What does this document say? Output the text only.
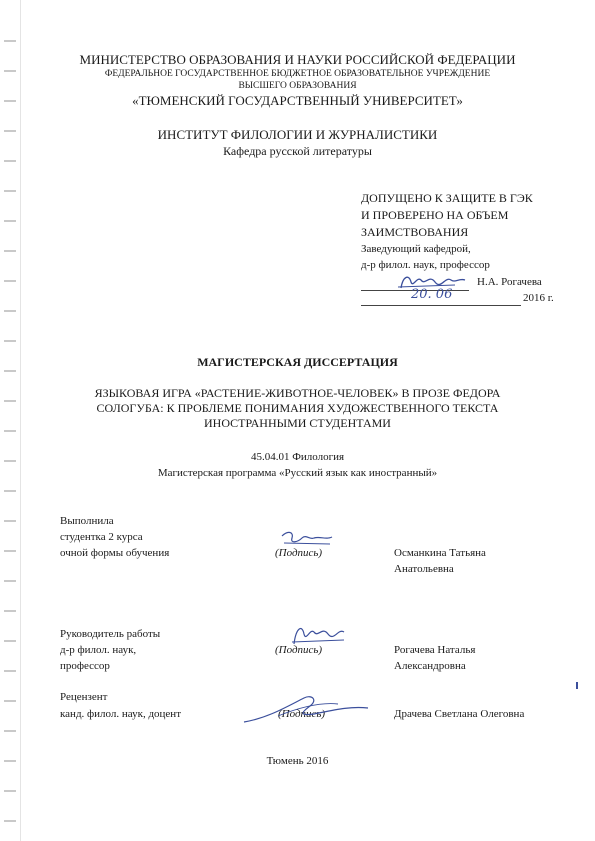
МИНИСТЕРСТВО ОБРАЗОВАНИЯ И НАУКИ РОССИЙСКОЙ ФЕДЕРАЦИИ
ФЕДЕРАЛЬНОЕ ГОСУДАРСТВЕННОЕ БЮДЖЕТНОЕ ОБРАЗОВАТЕЛЬНОЕ УЧРЕЖДЕНИЕ
ВЫСШЕГО ОБРАЗОВАНИЯ
«ТЮМЕНСКИЙ ГОСУДАРСТВЕННЫЙ УНИВЕРСИТЕТ»
ИНСТИТУТ ФИЛОЛОГИИ И ЖУРНАЛИСТИКИ
Кафедра русской литературы
ДОПУЩЕНО К ЗАЩИТЕ В ГЭК
И ПРОВЕРЕНО НА ОБЪЕМ
ЗАИМСТВОВАНИЯ
Заведующий кафедрой,
д-р филол. наук, профессор
Н.А. Рогачева
2016 г.
20. 06
МАГИСТЕРСКАЯ ДИССЕРТАЦИЯ
ЯЗЫКОВАЯ ИГРА «РАСТЕНИЕ-ЖИВОТНОЕ-ЧЕЛОВЕК» В ПРОЗЕ ФЕДОРА
СОЛОГУБА: К ПРОБЛЕМЕ ПОНИМАНИЯ ХУДОЖЕСТВЕННОГО ТЕКСТА
ИНОСТРАННЫМИ СТУДЕНТАМИ
45.04.01 Филология
Магистерская программа «Русский язык как иностранный»
Выполнила
студентка 2 курса
очной формы обучения	(Подпись)	Османкина Татьяна
Анатольевна
Руководитель работы
д-р филол. наук,
профессор
(Подпись)	Рогачева Наталья
Александровна
Рецензент
канд. филол. наук, доцент	(Подпись)	Драчева Светлана Олеговна
Тюмень 2016
